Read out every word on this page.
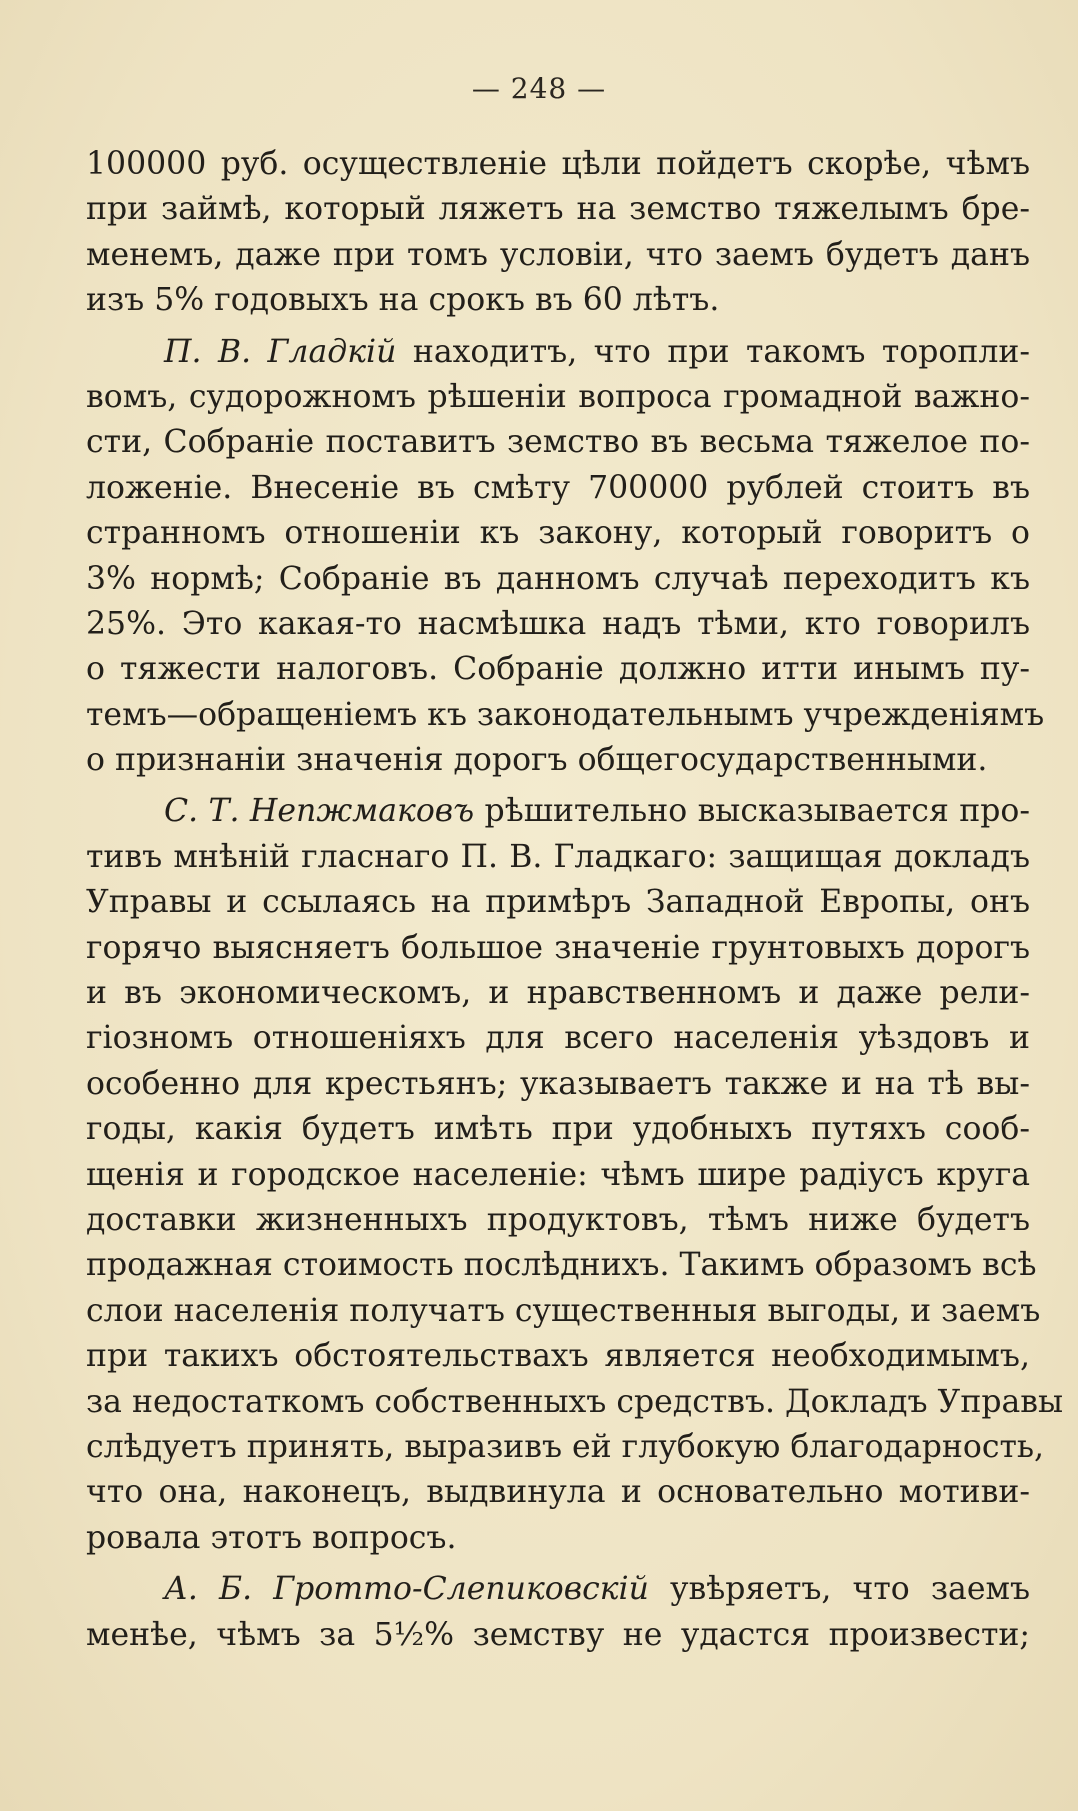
— 248 —
100000 руб. осуществленіе цѣли пойдетъ скорѣе, чѣмъ
при займѣ, который ляжетъ на земство тяжелымъ бре-
менемъ, даже при томъ условіи, что заемъ будетъ данъ
изъ 5% годовыхъ на срокъ въ 60 лѣтъ.
П. В. Гладкій находитъ, что при такомъ торопли-
вомъ, судорожномъ рѣшеніи вопроса громадной важно-
сти, Собраніе поставитъ земство въ весьма тяжелое по-
ложеніе. Внесеніе въ смѣту 700000 рублей стоитъ въ
странномъ отношеніи къ закону, который говоритъ о
3% нормѣ; Собраніе въ данномъ случаѣ переходитъ къ
25%. Это какая-то насмѣшка надъ тѣми, кто говорилъ
о тяжести налоговъ. Собраніе должно итти инымъ пу-
темъ—обращеніемъ къ законодательнымъ учрежденіямъ
о признаніи значенія дорогъ общегосударственными.
С. Т. Непжмаковъ рѣшительно высказывается про-
тивъ мнѣній гласнаго П. В. Гладкаго: защищая докладъ
Управы и ссылаясь на примѣръ Западной Европы, онъ
горячо выясняетъ большое значеніе грунтовыхъ дорогъ
и въ экономическомъ, и нравственномъ и даже рели-
гіозномъ отношеніяхъ для всего населенія уѣздовъ и
особенно для крестьянъ; указываетъ также и на тѣ вы-
годы, какія будетъ имѣть при удобныхъ путяхъ сооб-
щенія и городское населеніе: чѣмъ шире радіусъ круга
доставки жизненныхъ продуктовъ, тѣмъ ниже будетъ
продажная стоимость послѣднихъ. Такимъ образомъ всѣ
слои населенія получатъ существенныя выгоды, и заемъ
при такихъ обстоятельствахъ является необходимымъ,
за недостаткомъ собственныхъ средствъ. Докладъ Управы
слѣдуетъ принять, выразивъ ей глубокую благодарность,
что она, наконецъ, выдвинула и основательно мотиви-
ровала этотъ вопросъ.
А. Б. Гротто-Слепиковскій увѣряетъ, что заемъ
менѣе, чѣмъ за 5½% земству не удастся произвести;
